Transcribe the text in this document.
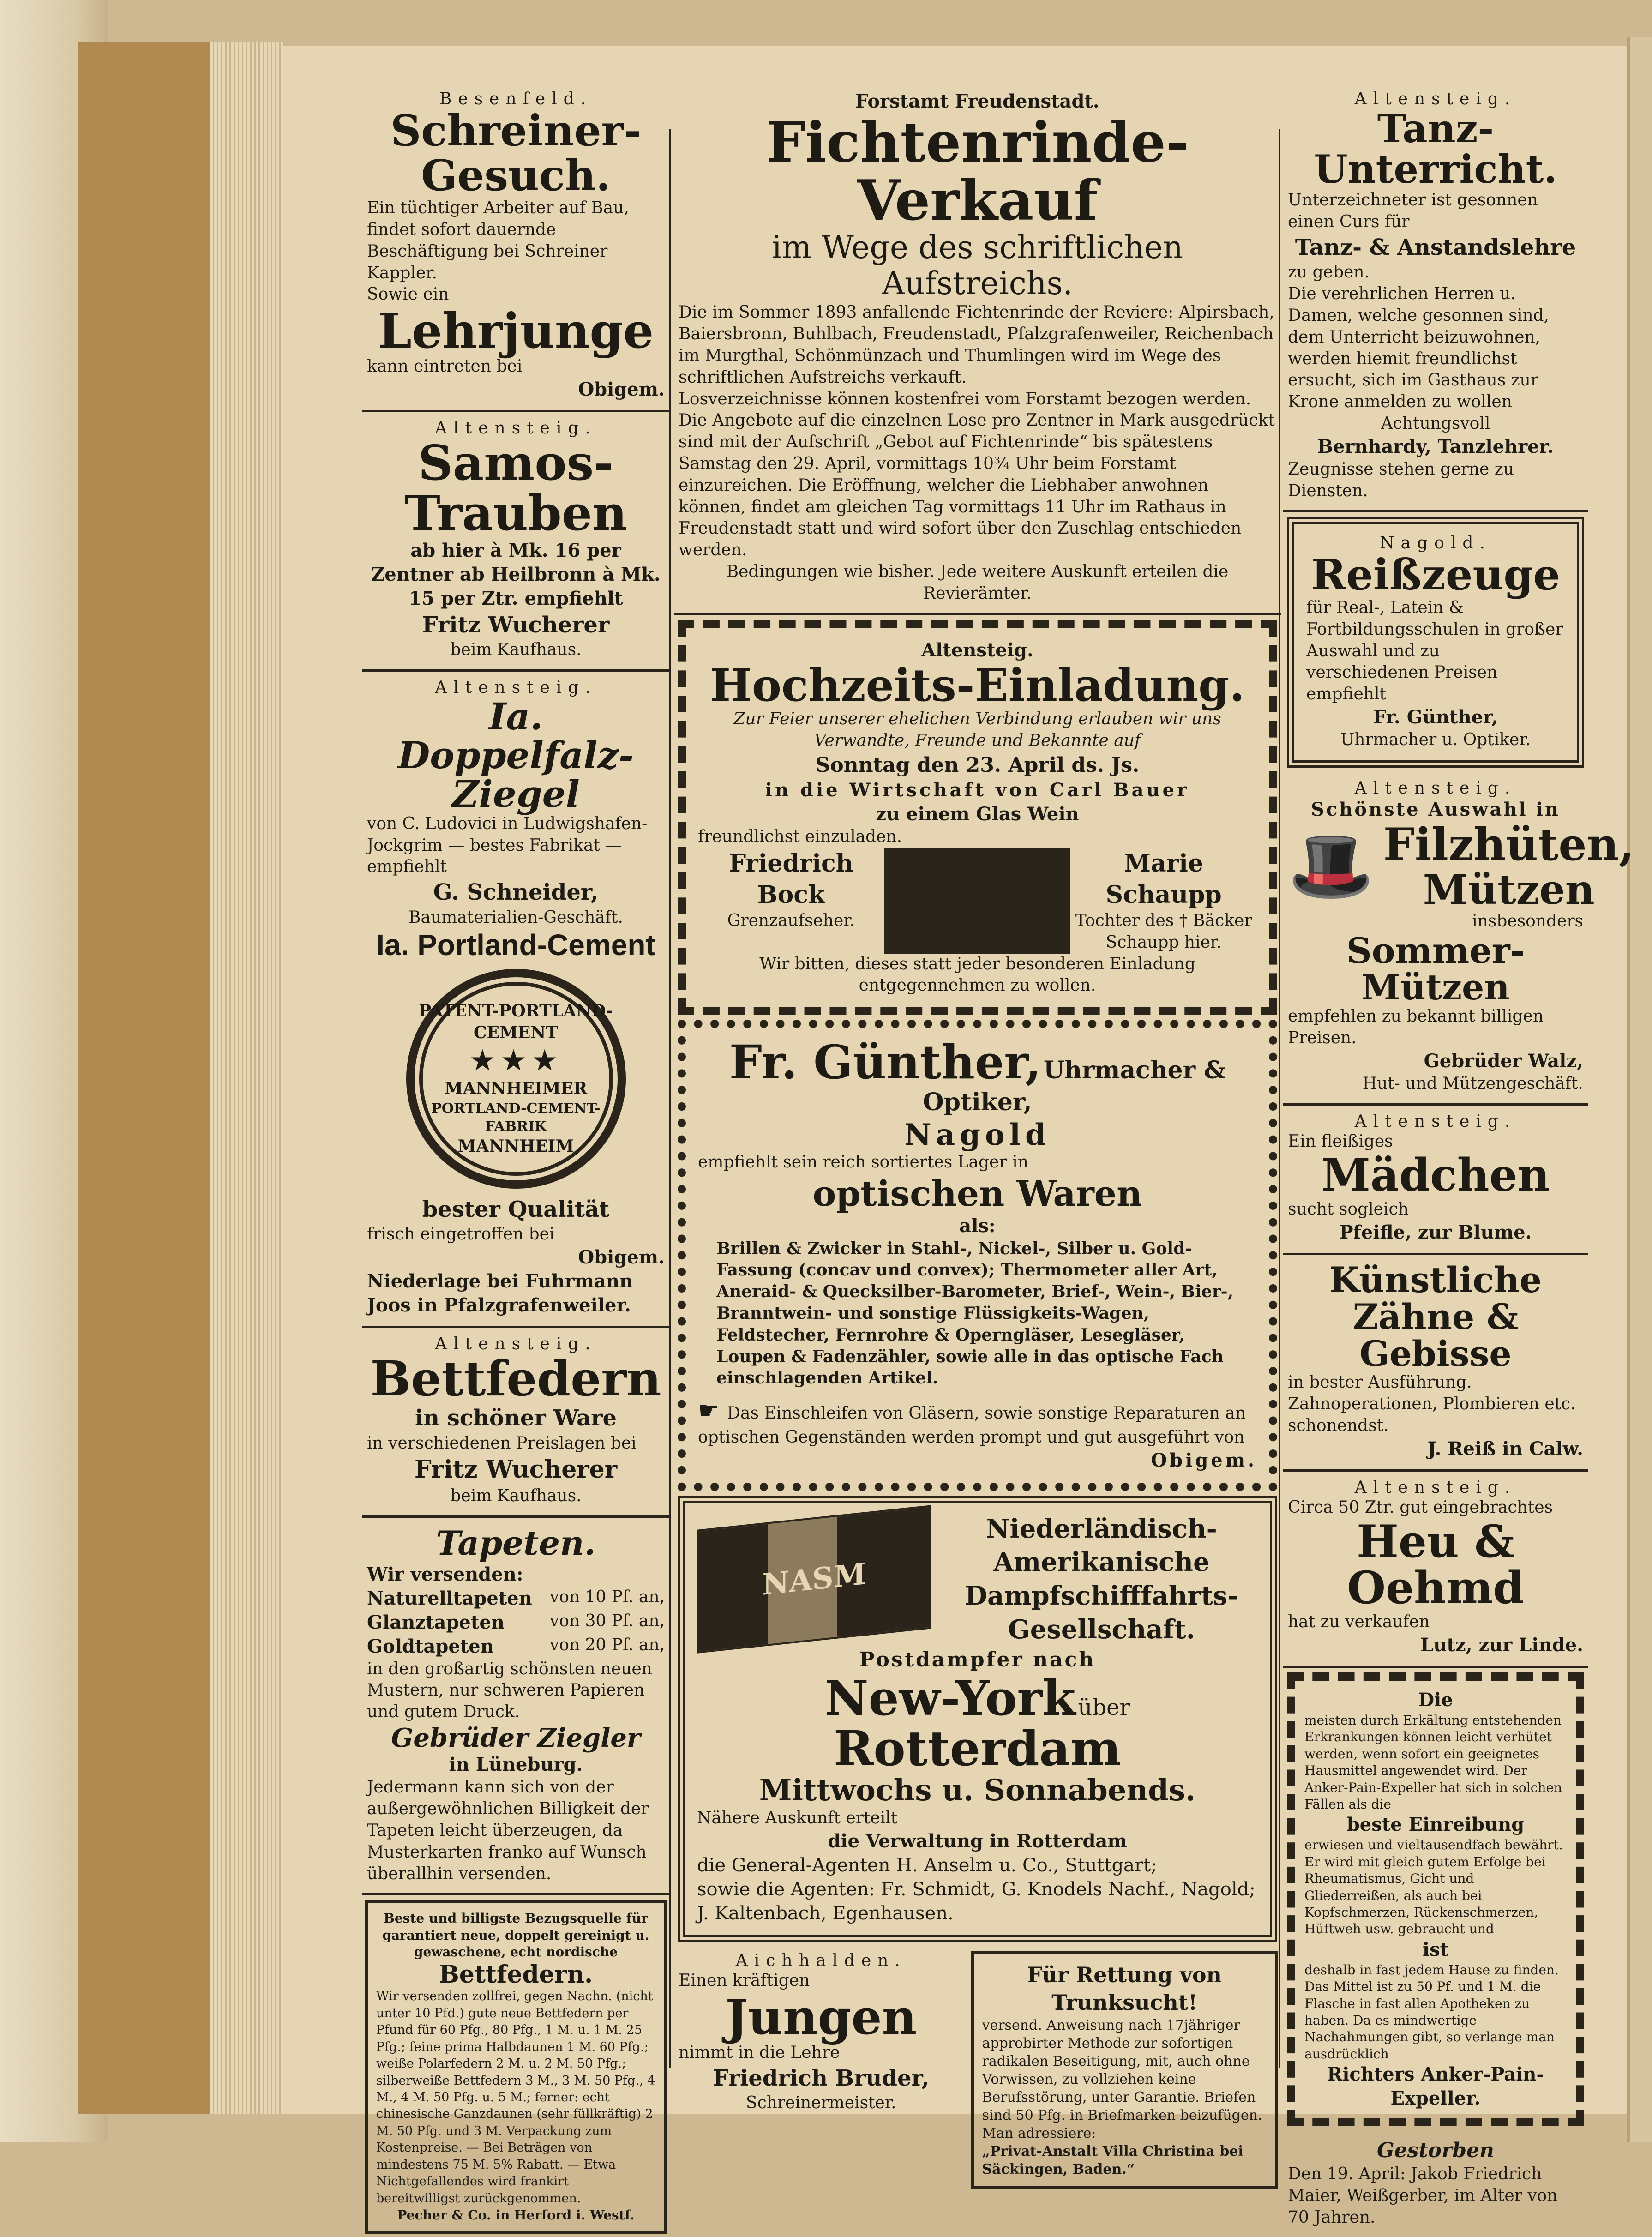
Besenfeld.
Schreiner-Gesuch.
Ein tüchtiger Arbeiter auf Bau, findet sofort dauernde Beschäftigung bei Schreiner Kappler.
Sowie ein
Lehrjunge
kann eintreten bei
Obigem.
Altensteig.
Samos-Trauben
ab hier à Mk. 16 per Zentner ab Heilbronn à Mk. 15 per Ztr. empfiehlt
Fritz Wucherer
beim Kaufhaus.
Altensteig.
Ia. Doppelfalz-Ziegel
von C. Ludovici in Ludwigshafen-Jockgrim — bestes Fabrikat — empfiehlt
G. Schneider,
Baumaterialien-Geschäft.
Ia. Portland-Cement
PATENT-PORTLAND-CEMENT
★★★
MANNHEIMER
PORTLAND-CEMENT-FABRIK
MANNHEIM
bester Qualität
frisch eingetroffen bei
Obigem.
Niederlage bei Fuhrmann Joos in Pfalzgrafenweiler.
Altensteig.
Bettfedern
in schöner Ware
in verschiedenen Preislagen bei
Fritz Wucherer
beim Kaufhaus.
Tapeten.
Wir versenden:
Naturelltapeten von 10 Pf. an,
Glanztapeten	von 30 Pf. an,
Goldtapeten	von 20 Pf. an,
in den großartig schönsten neuen Mustern, nur schweren Papieren und gutem Druck.
Gebrüder Ziegler
in Lüneburg.
Jedermann kann sich von der außergewöhnlichen Billigkeit der Tapeten leicht überzeugen, da Musterkarten franko auf Wunsch überallhin versenden.
Beste und billigste Bezugsquelle für garantiert neue, doppelt gereinigt u. gewaschene, echt nordische
Bettfedern.
Wir versenden zollfrei, gegen Nachn. (nicht unter 10 Pfd.) gute neue Bettfedern per Pfund für 60 Pfg., 80 Pfg., 1 M. u. 1 M. 25 Pfg.; feine prima Halbdaunen 1 M. 60 Pfg.; weiße Polarfedern 2 M. u. 2 M. 50 Pfg.; silberweiße Bettfedern 3 M., 3 M. 50 Pfg., 4 M., 4 M. 50 Pfg. u. 5 M.; ferner: echt chinesische Ganzdaunen (sehr füllkräftig) 2 M. 50 Pfg. und 3 M. Verpackung zum Kostenpreise. — Bei Beträgen von mindestens 75 M. 5% Rabatt. — Etwa Nichtgefallendes wird frankirt bereitwilligst zurückgenommen.
Pecher & Co. in Herford i. Westf.
Forstamt Freudenstadt.
Fichtenrinde-Verkauf
im Wege des schriftlichen Aufstreichs.
Die im Sommer 1893 anfallende Fichtenrinde der Reviere: Alpirsbach, Baiersbronn, Buhlbach, Freudenstadt, Pfalzgrafenweiler, Reichenbach im Murgthal, Schönmünzach und Thumlingen wird im Wege des schriftlichen Aufstreichs verkauft.
Losverzeichnisse können kostenfrei vom Forstamt bezogen werden. Die Angebote auf die einzelnen Lose pro Zentner in Mark ausgedrückt sind mit der Aufschrift „Gebot auf Fichtenrinde“ bis spätestens Samstag den 29. April, vormittags 10¾ Uhr beim Forstamt einzureichen. Die Eröffnung, welcher die Liebhaber anwohnen können, findet am gleichen Tag vormittags 11 Uhr im Rathaus in Freudenstadt statt und wird sofort über den Zuschlag entschieden werden.
Bedingungen wie bisher. Jede weitere Auskunft erteilen die Revierämter.
Altensteig.
Hochzeits-Einladung.
Zur Feier unserer ehelichen Verbindung erlauben wir uns Verwandte, Freunde und Bekannte auf
Sonntag den 23. April ds. Js.
in die Wirtschaft von Carl Bauer
zu einem Glas Wein
freundlichst einzuladen.
Friedrich Bock
Grenzaufseher.
Marie Schaupp
Tochter des † Bäcker Schaupp hier.
Wir bitten, dieses statt jeder besonderen Einladung entgegennehmen zu wollen.
Fr. Günther, Uhrmacher & Optiker,
Nagold
empfiehlt sein reich sortiertes Lager in
optischen Waren
als:
Brillen & Zwicker in Stahl-, Nickel-, Silber u. Gold-Fassung (concav und convex); Thermometer aller Art, Aneraid- & Quecksilber-Barometer, Brief-, Wein-, Bier-, Branntwein- und sonstige Flüssigkeits-Wagen, Feldstecher, Fernrohre & Operngläser, Lesegläser, Loupen & Fadenzähler, sowie alle in das optische Fach einschlagenden Artikel.
☛ Das Einschleifen von Gläsern, sowie sonstige Reparaturen an optischen Gegenständen werden prompt und gut ausgeführt von
Obigem.
NASM
Niederländisch-Amerikanische Dampfschifffahrts-Gesellschaft.
Postdampfer nach
New-York über Rotterdam
Mittwochs u. Sonnabends.
Nähere Auskunft erteilt
die Verwaltung in Rotterdam
die General-Agenten H. Anselm u. Co., Stuttgart;
sowie die Agenten: Fr. Schmidt, G. Knodels Nachf., Nagold; J. Kaltenbach, Egenhausen.
Aichhalden.
Einen kräftigen
Jungen
nimmt in die Lehre
Friedrich Bruder,
Schreinermeister.
Für Rettung von Trunksucht!
versend. Anweisung nach 17jähriger approbirter Methode zur sofortigen radikalen Beseitigung, mit, auch ohne Vorwissen, zu vollziehen keine Berufsstörung, unter Garantie. Briefen sind 50 Pfg. in Briefmarken beizufügen. Man adressiere:
„Privat-Anstalt Villa Christina bei Säckingen, Baden.“
Altensteig.
Tanz-Unterricht.
Unterzeichneter ist gesonnen einen Curs für
Tanz- & Anstandslehre
zu geben.
Die verehrlichen Herren u. Damen, welche gesonnen sind, dem Unterricht beizuwohnen, werden hiemit freundlichst ersucht, sich im Gasthaus zur Krone anmelden zu wollen
Achtungsvoll
Bernhardy, Tanzlehrer.
Zeugnisse stehen gerne zu Diensten.
Nagold.
Reißzeuge
für Real-, Latein & Fortbildungsschulen in großer Auswahl und zu verschiedenen Preisen empfiehlt
Fr. Günther,
Uhrmacher u. Optiker.
Altensteig.
Schönste Auswahl in
🎩 Filzhüten,
Mützen
insbesonders
Sommer-Mützen
empfehlen zu bekannt billigen Preisen.
Gebrüder Walz,
Hut- und Mützengeschäft.
Altensteig.
Ein fleißiges
Mädchen
sucht sogleich
Pfeifle, zur Blume.
Künstliche Zähne & Gebisse
in bester Ausführung. Zahnoperationen, Plombieren etc. schonendst.
J. Reiß in Calw.
Altensteig.
Circa 50 Ztr. gut eingebrachtes
Heu & Oehmd
hat zu verkaufen
Lutz, zur Linde.
Die
meisten durch Erkältung entstehenden Erkrankungen können leicht verhütet werden, wenn sofort ein geeignetes Hausmittel angewendet wird. Der Anker-Pain-Expeller hat sich in solchen Fällen als die
beste Einreibung
erwiesen und vieltausendfach bewährt. Er wird mit gleich gutem Erfolge bei Rheumatismus, Gicht und Gliederreißen, als auch bei Kopfschmerzen, Rückenschmerzen, Hüftweh usw. gebraucht und
ist
deshalb in fast jedem Hause zu finden. Das Mittel ist zu 50 Pf. und 1 M. die Flasche in fast allen Apotheken zu haben. Da es mindwertige Nachahmungen gibt, so verlange man ausdrücklich
Richters Anker-Pain-Expeller.
Gestorben
Den 19. April: Jakob Friedrich Maier, Weißgerber, im Alter von 70 Jahren.
